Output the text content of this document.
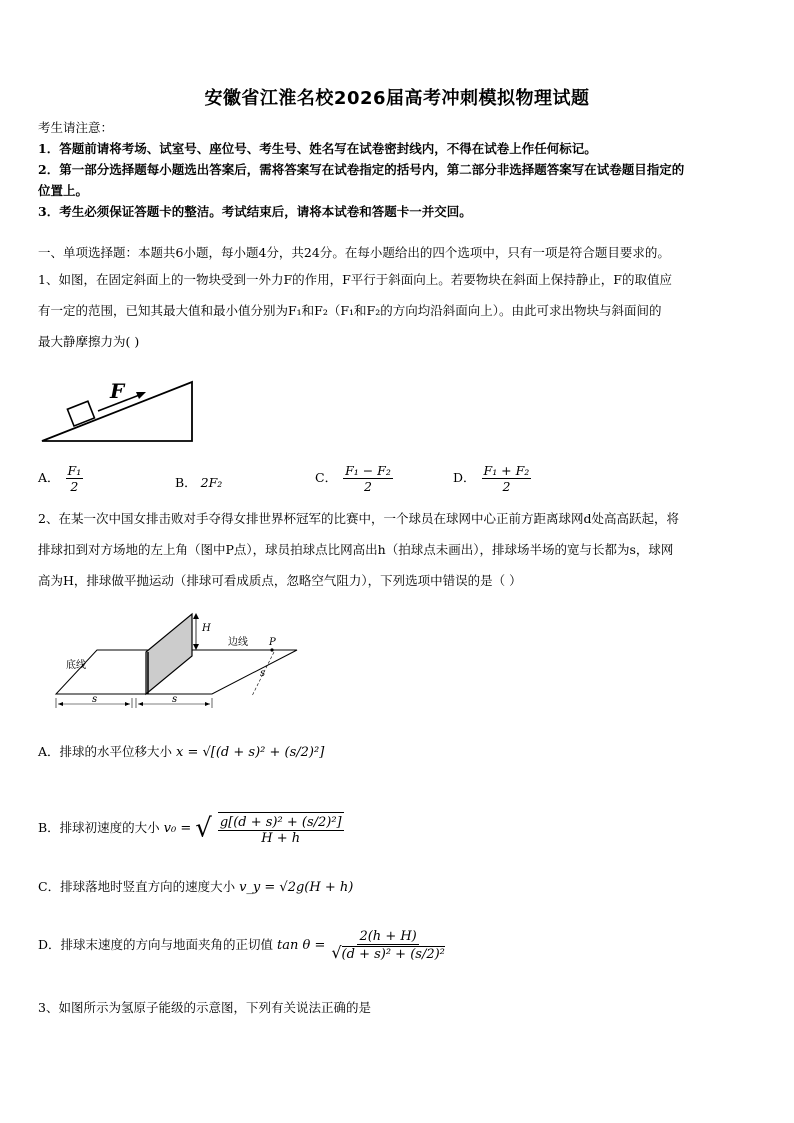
安徽省江淮名校2026届高考冲刺模拟物理试题
考生请注意：
1．答题前请将考场、试室号、座位号、考生号、姓名写在试卷密封线内，不得在试卷上作任何标记。
2．第一部分选择题每小题选出答案后，需将答案写在试卷指定的括号内，第二部分非选择题答案写在试卷题目指定的
位置上。
3．考生必须保证答题卡的整洁。考试结束后，请将本试卷和答题卡一并交回。
一、单项选择题：本题共6小题，每小题4分，共24分。在每小题给出的四个选项中，只有一项是符合题目要求的。
1、如图，在固定斜面上的一物块受到一外力F的作用，F平行于斜面向上。若要物块在斜面上保持静止，F的取值应
有一定的范围，已知其最大值和最小值分别为F₁和F₂（F₁和F₂的方向均沿斜面向上）。由此可求出物块与斜面间的
最大静摩擦力为( )
F
A． $\frac{\text{F₁}}{2}$	B． 2F₂	C． $\frac{\text{F₁ − F₂}}{2}$	D． $\frac{\text{F₁ + F₂}}{2}$
2、在某一次中国女排击败对手夺得女排世界杯冠军的比赛中，一个球员在球网中心正前方距离球网d处高高跃起，将
排球扣到对方场地的左上角（图中P点），球员拍球点比网高出h（拍球点未画出），排球场半场的宽与长都为s，球网
高为H，排球做平抛运动（排球可看成质点，忽略空气阻力），下列选项中错误的是（ ）
H
边线 P
底线
s
s	s
A．排球的水平位移大小 x = √[(d + s)² + (s/2)²]
B．排球初速度的大小 v₀ = √ $\frac{\text{g[(d + s)² + (s/2)²]}}{H + h}$
C．排球落地时竖直方向的速度大小 v_y = √2g(H + h)
D．排球末速度的方向与地面夹角的正切值 $\tan \theta = \frac{2(h + H)}{\text{√(d + s)² + (s/2)²}}$
3、如图所示为氢原子能级的示意图，下列有关说法正确的是
